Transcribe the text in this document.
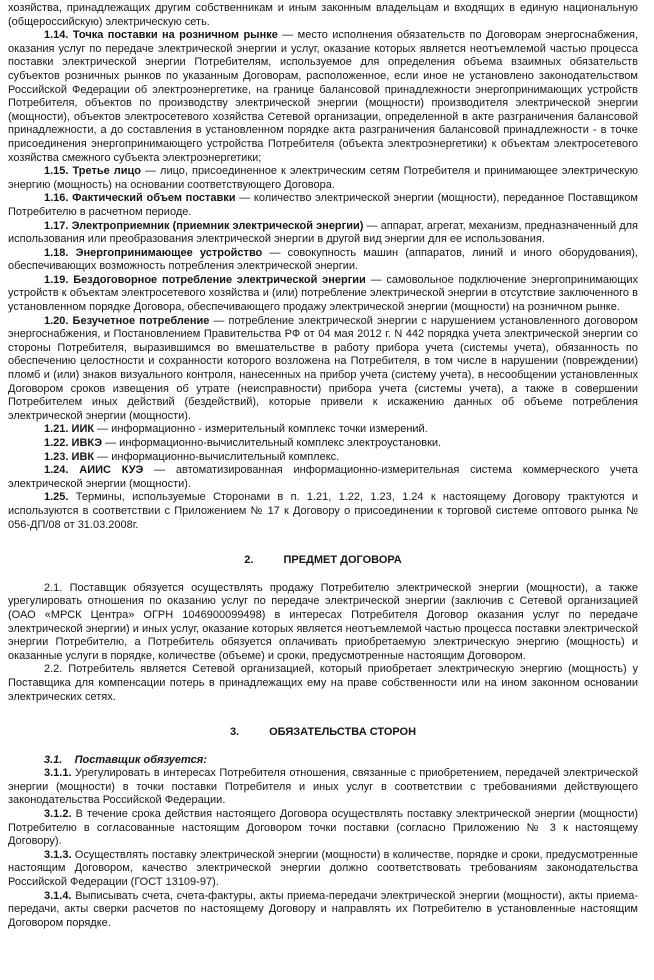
хозяйства, принадлежащих другим собственникам и иным законным владельцам и входящих в единую национальную (общероссийскую) электрическую сеть.

1.14. Точка поставки на розничном рынке — место исполнения обязательств по Договорам энергоснабжения, оказания услуг по передаче электрической энергии и услуг, оказание которых является неотъемлемой частью процесса поставки электрической энергии Потребителям, используемое для определения объема взаимных обязательств субъектов розничных рынков по указанным Договорам, расположенное, если иное не установлено законодательством Российской Федерации об электроэнергетике, на границе балансовой принадлежности энергопринимающих устройств Потребителя, объектов по производству электрической энергии (мощности) производителя электрической энергии (мощности), объектов электросетевого хозяйства Сетевой организации, определенной в акте разграничения балансовой принадлежности, а до составления в установленном порядке акта разграничения балансовой принадлежности - в точке присоединения энергопринимающего устройства Потребителя (объекта электроэнергетики) к объектам электросетевого хозяйства смежного субъекта электроэнергетики;

1.15. Третье лицо — лицо, присоединенное к электрическим сетям Потребителя и принимающее электрическую энергию (мощность) на основании соответствующего Договора.

1.16. Фактический объем поставки — количество электрической энергии (мощности), переданное Поставщиком Потребителю в расчетном периоде.

1.17. Электроприемник (приемник электрической энергии) — аппарат, агрегат, механизм, предназначенный для использования или преобразования электрической энергии в другой вид энергии для ее использования.

1.18. Энергопринимающее устройство — совокупность машин (аппаратов, линий и иного оборудования), обеспечивающих возможность потребления электрической энергии.

1.19. Бездоговорное потребление электрической энергии — самовольное подключение энергопринимающих устройств к объектам электросетевого хозяйства и (или) потребление электрической энергии в отсутствие заключенного в установленном порядке Договора, обеспечивающего продажу электрической энергии (мощности) на розничном рынке.

1.20. Безучетное потребление — потребление электрической энергии с нарушением установленного договором энергоснабжения, и Постановлением Правительства РФ от 04 мая 2012 г. N 442 порядка учета электрической энергии со стороны Потребителя, выразившимся во вмешательстве в работу прибора учета (системы учета), обязанность по обеспечению целостности и сохранности которого возложена на Потребителя, в том числе в нарушении (повреждении) пломб и (или) знаков визуального контроля, нанесенных на прибор учета (систему учета), в несообщении установленных Договором сроков извещения об утрате (неисправности) прибора учета (системы учета), а также в совершении Потребителем иных действий (бездействий), которые привели к искажению данных об объеме потребления электрической энергии (мощности).

1.21. ИИК — информационно - измерительный комплекс точки измерений.

1.22. ИВКЭ — информационно-вычислительный комплекс электроустановки.

1.23. ИВК — информационно-вычислительный комплекс.

1.24. АИИС КУЭ — автоматизированная информационно-измерительная система коммерческого учета электрической энергии (мощности).

1.25. Термины, используемые Сторонами в п. 1.21, 1.22, 1.23, 1.24 к настоящему Договору трактуются и используются в соответствии с Приложением № 17 к Договору о присоединении к торговой системе оптового рынка № 056-ДП/08 от 31.03.2008г.

2.	ПРЕДМЕТ ДОГОВОРА

2.1. Поставщик обязуется осуществлять продажу Потребителю электрической энергии (мощности), а также урегулировать отношения по оказанию услуг по передаче электрической энергии (заключив с Сетевой организацией (ОАО «МРСК Центра» ОГРН 1046900099498) в интересах Потребителя Договор оказания услуг по передаче электрической энергии) и иных услуг, оказание которых является неотъемлемой частью процесса поставки электрической энергии Потребителю, а Потребитель обязуется оплачивать приобретаемую электрическую энергию (мощность) и оказанные услуги в порядке, количестве (объеме) и сроки, предусмотренные настоящим Договором.

2.2. Потребитель является Сетевой организацией, который приобретает электрическую энергию (мощность) у Поставщика для компенсации потерь в принадлежащих ему на праве собственности или на ином законном основании электрических сетях.

3.	ОБЯЗАТЕЛЬСТВА СТОРОН

3.1. Поставщик обязуется:

3.1.1. Урегулировать в интересах Потребителя отношения, связанные с приобретением, передачей электрической энергии (мощности) в точки поставки Потребителя и иных услуг в соответствии с требованиями действующего законодательства Российской Федерации.

3.1.2. В течение срока действия настоящего Договора осуществлять поставку электрической энергии (мощности) Потребителю в согласованные настоящим Договором точки поставки (согласно Приложению № 3 к настоящему Договору).

3.1.3. Осуществлять поставку электрической энергии (мощности) в количестве, порядке и сроки, предусмотренные настоящим Договором, качество электрической энергии должно соответствовать требованиям законодательства Российской Федерации (ГОСТ 13109-97).

3.1.4. Выписывать счета, счета-фактуры, акты приема-передачи электрической энергии (мощности), акты приема-передачи, акты сверки расчетов по настоящему Договору и направлять их Потребителю в установленные настоящим Договором порядке.
